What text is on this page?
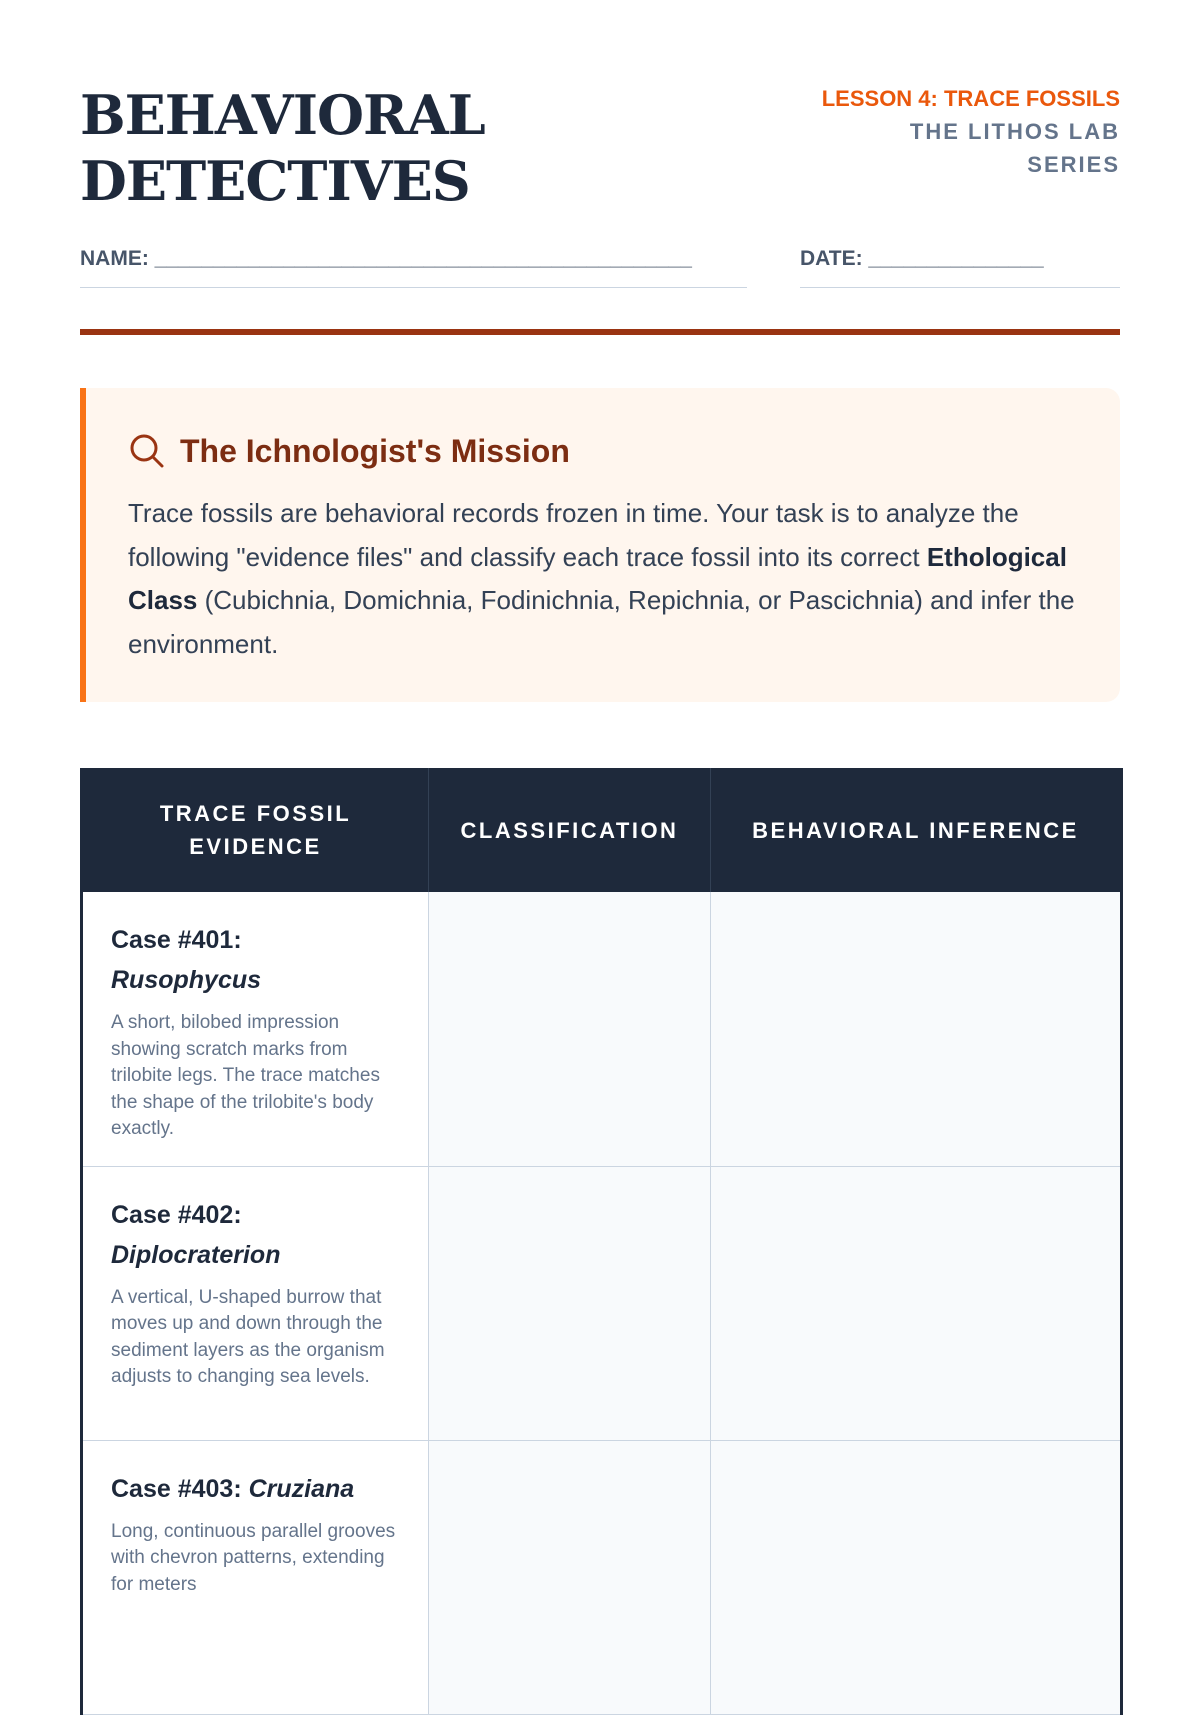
BEHAVIORAL
DETECTIVES
LESSON 4: TRACE FOSSILS
THE LITHOS LAB SERIES
NAME: ______________________________________________	DATE: _______________
The Ichnologist's Mission

Trace fossils are behavioral records frozen in time. Your task is to analyze the following "evidence files" and classify each trace fossil into its correct Ethological Class (Cubichnia, Domichnia, Fodinichnia, Repichnia, or Pascichnia) and infer the environment.

TRACE FOSSIL EVIDENCE	CLASSIFICATION	BEHAVIORAL INFERENCE

Case #401:
Rusophycus

A short, bilobed impression showing scratch marks from trilobite legs. The trace matches the shape of the trilobite's body exactly.		

Case #402:
Diplocraterion

A vertical, U-shaped burrow that moves up and down through the sediment layers as the organism adjusts to changing sea levels.		

Case #403: Cruziana

Long, continuous parallel grooves with chevron patterns, extending for meters		
